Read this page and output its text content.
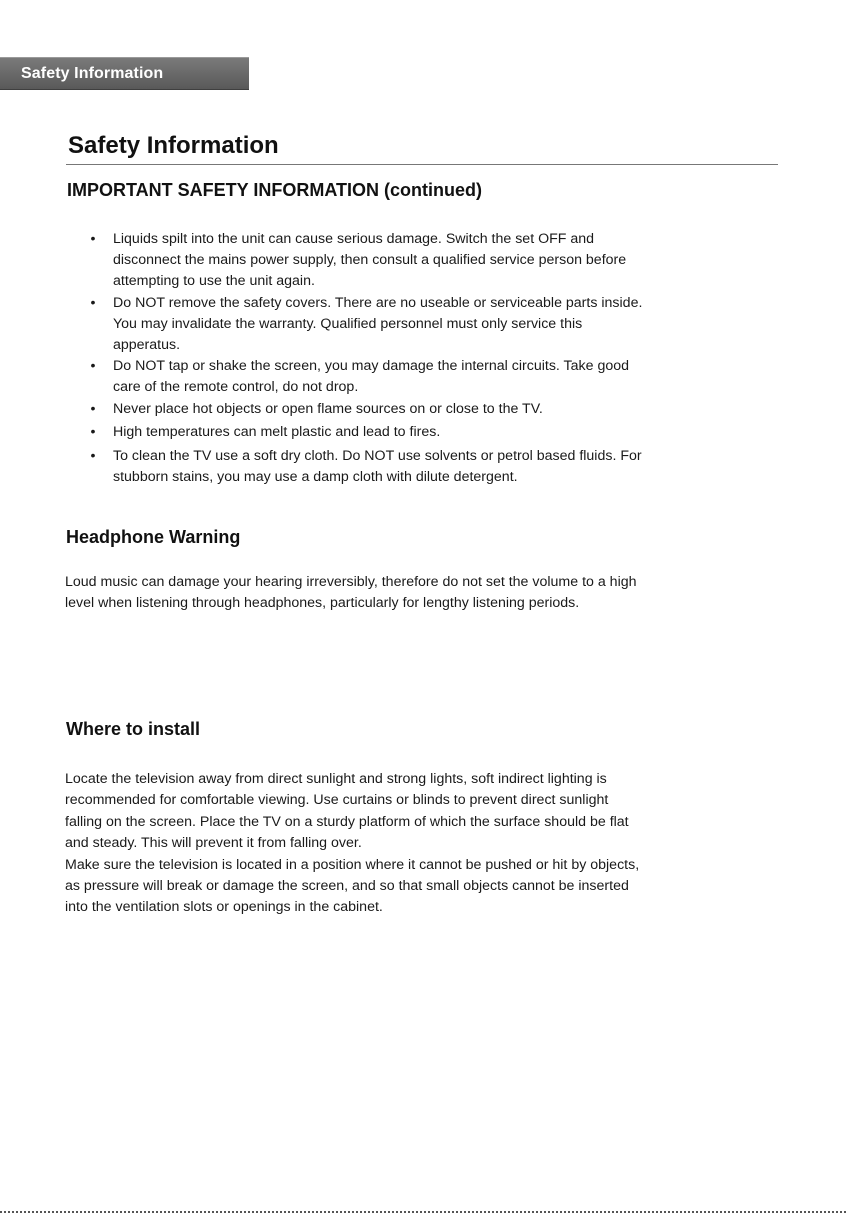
Safety Information
Safety Information
IMPORTANT SAFETY INFORMATION (continued)
• Liquids spilt into the unit can cause serious damage. Switch the set OFF and
disconnect the mains power supply, then consult a qualified service person before
attempting to use the unit again.
• Do NOT remove the safety covers. There are no useable or serviceable parts inside.
You may invalidate the warranty. Qualified personnel must only service this
apperatus.
• Do NOT tap or shake the screen, you may damage the internal circuits. Take good
care of the remote control, do not drop.
• Never place hot objects or open flame sources on or close to the TV.
• High temperatures can melt plastic and lead to fires.
• To clean the TV use a soft dry cloth. Do NOT use solvents or petrol based fluids. For
stubborn stains, you may use a damp cloth with dilute detergent.
Headphone Warning

Loud music can damage your hearing irreversibly, therefore do not set the volume to a high
level when listening through headphones, particularly for lengthy listening periods.

Where to install

Locate the television away from direct sunlight and strong lights, soft indirect lighting is
recommended for comfortable viewing. Use curtains or blinds to prevent direct sunlight
falling on the screen. Place the TV on a sturdy platform of which the surface should be flat
and steady. This will prevent it from falling over.
Make sure the television is located in a position where it cannot be pushed or hit by objects,
as pressure will break or damage the screen, and so that small objects cannot be inserted
into the ventilation slots or openings in the cabinet.
